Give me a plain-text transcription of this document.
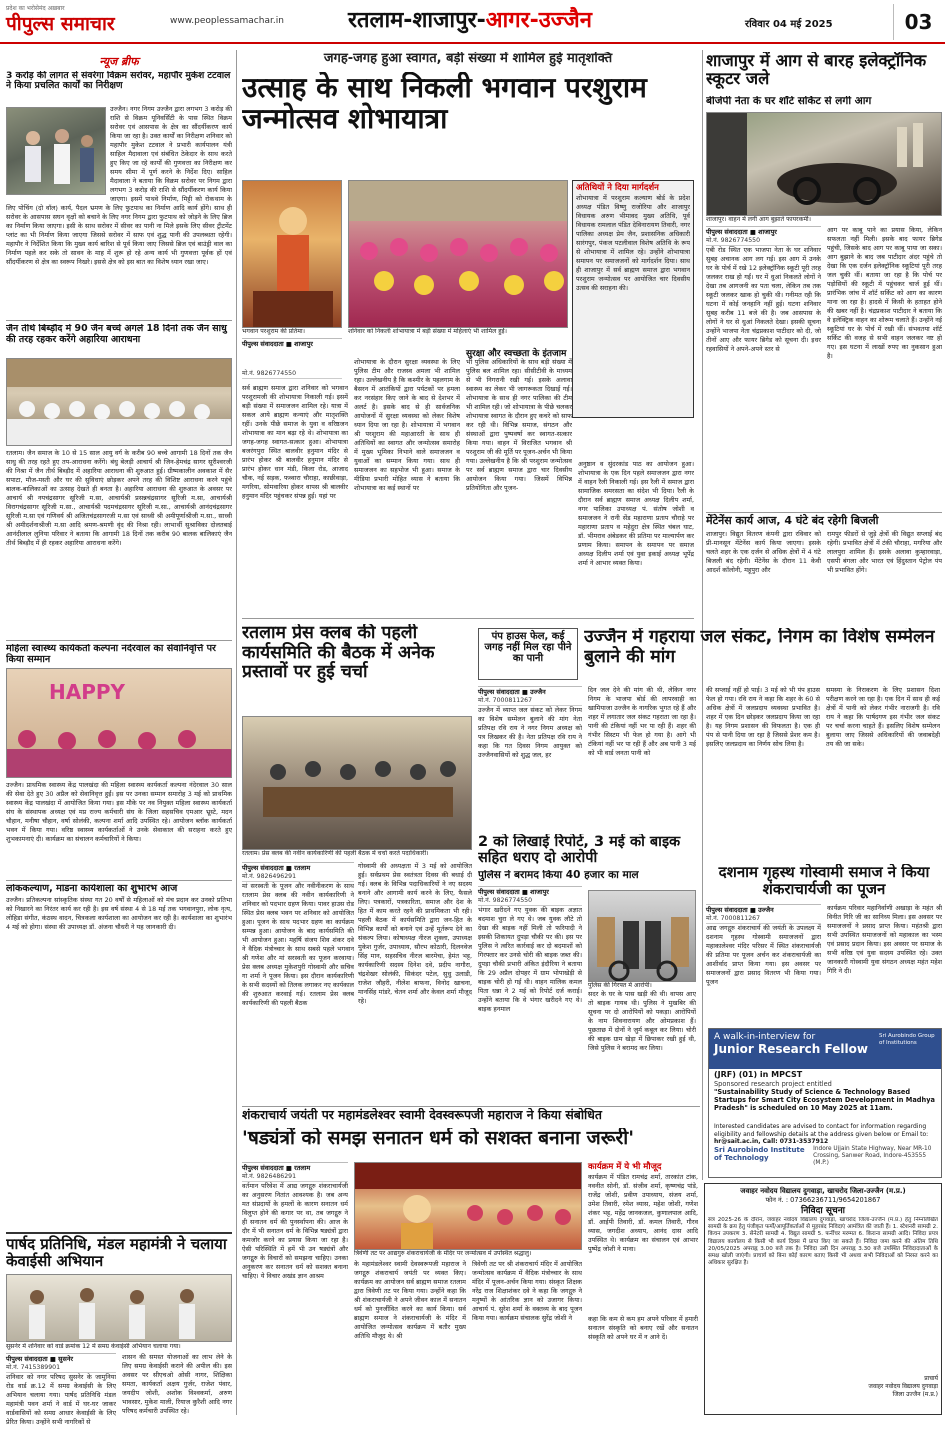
प्रदेश का भरोसेमंद अख़बार
पीपुल्स समाचार	www.peoplessamachar.in	रतलाम-शाजापुर-आगर-उज्जैन	रविवार 04 मई 2025	03
न्यूज ब्रीफ
3 करोड़ की लागत से संवरेगा विक्रम सरोवर, महापौर मुकेश टटवाल ने किया प्रचलित कार्यों का निरीक्षण
उज्जैन। नगर निगम उज्जैन द्वारा लगभग 3 करोड़ की राशि से विक्रम यूनिवर्सिटी के पास स्थित विक्रम सरोवर एवं आसपास के क्षेत्र का सौंदर्यीकरण कार्य किया जा रहा है। उक्त कार्यों का निरीक्षण शनिवार को महापौर मुकेश टटवाल ने प्रभारी कार्यपालन यंत्री साहिल मैदावाला एवं संबंधित ठेकेदार के साथ करते हुए किए जा रहे कार्यों की गुणवत्ता का निरीक्षण कर समय सीमा में पूर्ण करने के निर्देश दिए। साहिल मैदावाला ने बताया कि विक्रम सरोवर पर निगम द्वारा लगभग 3 करोड़ की राशि से सौंदर्यीकरण कार्य किया जाएगा। इसमें पाथवे निर्माण, मिट्टी को रोकथाम के लिए पोचिंग (दो वॉल) कार्य, पैदल भ्रमण के लिए फुटपाथ का निर्माण आदि कार्य होंगे। साथ ही सरोवर के आसपास सघन वृक्षों को बचाने के लिए नगर निगम द्वारा फुटपाथ को जोड़ने के लिए ब्रिज का निर्माण किया जाएगा। इसी के साथ सरोवर में सीवर का पानी ना मिले इसके लिए सीवर ट्रीटमेंट प्लांट का भी निर्माण किया जाएगा जिससे सरोवर में साफ एवं शुद्ध पानी की उपलब्धता रहेगी। महापौर ने निर्देशित किया कि मुख्य कार्य बारिश से पूर्व किया जाए जिससे ब्रिज एवं बाउंड्री वाल का निर्माण पहले कर सके तो सावन के माह में शुरू हो रहे अन्य कार्य भी गुणवत्ता पूर्वक हों एवं सौंदर्यीकरण से क्षेत्र का स्वरूप निखरे। इससे क्षेत्र को इस बात का विशेष ध्यान रखा जाए।
जैन तीर्थ बिब्ड़ौद में 90 जैन बच्चे अगले 18 दिनों तक जैन साधु की तरह रहकर करेंगे अहारिया आराधना
रतलाम। जैन समाज के 10 से 15 साल आयु वर्ग के करीब 90 बच्चे आगामी 18 दिनों तक जैन साधु की तरह रहते हुए तप-आराधना करेंगे। बंधु बेलड़ी आचार्य श्री जिन-हेमचंद्र सागर सूरीश्वरजी की निश्रा में जैन तीर्थ बिब्ड़ौद में अहारिया आराधना की शुरुआत हुई। ग्रीष्मकालीन अवकाश में सैर सपाटा, मौज-मस्ती और घर की सुविधाएं छोड़कर अपने तरह की विशिष्ट आराधना करने पहुंचे बालक-बालिकाओं का उत्साह देखते ही बनता है। अहारिया आराधना की शुरुआत के अवसर पर आचार्य श्री नयचंद्रसागर सूरिजी म.सा, आचार्यश्री प्रसन्नचंद्रसागर सूरिजी म.सा, आचार्यश्री विरागचंद्रसागर सूरिजी म.सा., आचार्यश्री पदमचंद्रसागर सूरिजी म.सा., आचार्यश्री आनंदचंद्रसागर सूरिजी म.सा एवं गणिवर्य श्री अजितचंद्रसागरजी म.सा एवं साध्वी श्री अमीपूर्णाश्रीजी म.सा., साध्वी श्री अमीदर्शनाश्रीजी म.सा आदि श्रमण-श्रमणी वृंद की निश्रा रही। लाभार्थी सुश्राविका दोलतबाई आनंदीलाल लुनिया परिवार ने बताया कि आगामी 18 दिनों तक करीब 90 बालक बालिकाएं जैन तीर्थ बिब्ड़ौद में ही रहकर अहारिया आराधना करेंगे।
महिला स्वास्थ्य कार्यकर्ता कल्पना नंदेरवाल का सेवानिवृत्ति पर किया सम्मान
HAPPY
उज्जैन। प्राथमिक स्वास्थ्य केंद्र पालखंदा की महिला स्वास्थ्य कार्यकर्ता कल्पना नंदेरवाल 30 साल की सेवा देते हुए 30 अप्रैल को सेवानिवृत्त हुईं। इस पर उनका सम्मान समारोह 3 मई को प्राथमिक स्वास्थ्य केंद्र पालखंदा में आयोजित किया गया। इस मौके पर नव नियुक्त महिला स्वास्थ्य कार्यकर्ता संघ के संस्थापक अध्यक्ष एवं मप्र राज्य कर्मचारी संघ के जिला सहसचिव एमआर भ्रूस्टे, मदन चौहान, मनीषा चौहान, वर्षा सोलंकी, कल्पना शर्मा आदि उपस्थित रहे। आयोजन ब्लॉक कार्यकर्ता भवन में किया गया। वरिष्ठ स्वास्थ्य कार्यकर्ताओं ने उनके सेवाकाल की सराहना करते हुए शुभकामनाएं दी। कार्यक्रम का संचालन कर्मचारियों ने किया।
लोककल्याण, मांडना कार्यशाला का शुभारंभ आज
उज्जैन। प्रतिकल्पना सांस्कृतिक संस्था गत 20 वर्षों से महिलाओं को मंच प्रदान कर उनको प्रतिभा को निखारने का निरंतर कार्य कर रही है। इस वर्ष संस्था 4 से 18 मई तक भगवानपुरा, लोक नृत्य, लोहिडा संगीत, कंठस्थ वादन, चित्रकला कार्यशाला का आयोजन कर रही है। कार्यशाला का शुभारंभ 4 मई को होगा। संस्था की उपाध्यक्ष डॉ. अंजना चौधरी ने यह जानकारी दी।
पार्षद प्रतिनिधि, मंडल महामंत्री ने चलाया केवाईसी अभियान
सुसनेर में शनिवार को वार्ड क्रमांक 12 में समग्र केवाईसी अभियान चलाया गया।
पीपुल्स संवाददाता ■ सुसनेर
मो.नं. 7415389901
शनिवार को नगर परिषद सुसनेर के जामुनिया रोड वार्ड क्र.12 में समग्र केवाईसी के लिए अभियान चलाया गया। पार्षद प्रतिनिधि मंडल महामंत्री पवन शर्मा ने वार्ड में घर-घर जाकर वार्डवासियों को समग्र आधार केवाईसी के लिए प्रेरित किया। उन्होंने सभी नागरिकों से
शासन की समस्त योजनाओं का लाभ लेने के लिए समग्र केवाईसी कराने की अपील की। इस अवसर पर सीएचओ ओसी नागर, शिक्षिका समता, कार्यकर्ता अक्षय गुर्जर, राजेश पंवार, जयदीप जोशी, अशोक विश्वकर्मा, अरुण भावसार, मुकेश माली, रियाज कुरैशी आदि नगर परिषद कर्मचारी उपस्थित रहे।
जगह-जगह हुआ स्वागत, बड़ी संख्या में शामिल हुई मातृशक्ति
उत्साह के साथ निकली भगवान परशुराम जन्मोत्सव शोभायात्रा
भगवान परशुराम की प्रतिमा।
पीपुल्स संवाददाता ■ शाजापुर
शनिवार को निकली शोभायात्रा में बड़ी संख्या में महिलाएं भी शामिल हुईं।
अतिथियों ने दिया मार्गदर्शन
शोभायात्रा में परशुराम कल्याण बोर्ड के प्रदेश अध्यक्ष पंडित विष्णु राजोरिया और शाजापुर विधायक अरुण भीमावद मुख्य अतिथि, पूर्व विधायक रामलाल पंडित देविनारायण तिवारी, नगर पालिका अध्यक्ष प्रेम जैन, प्रशासनिक अधिकारी सारंगपुर, पंकज पटलीवाल विशेष अतिथि के रूप से शोभायात्रा में शामिल रहे। उन्होंने शोभायात्रा समापन पर समाजजनों को मार्गदर्शन दिया। साथ ही शाजापुर में सर्व ब्राह्मण समाज द्वारा भगवान परशुराम जन्मोत्सव पर आयोजित चार दिवसीय उत्सव की सराहना की।
सुरक्षा और स्वच्छता के इंतजाम
मो.नं. 9826774550
सर्व ब्राह्मण समाज द्वारा शनिवार को भगवान परशुरामजी की शोभायात्रा निकाली गई। इसमें बड़ी संख्या में समाजजन शामिल रहे। यात्रा में सकल आये ब्राह्मण कन्याएं और मातृशक्ति रहीं। उनके पीछे समाज के युवा व वरिष्ठजन शोभायात्रा का मान बढ़ा रहे थे। शोभायात्रा का जगह-जगह स्वागत-सत्कार हुआ। शोभायात्रा बजरंगपुरा स्थित बालवीर हनुमान मंदिर से प्रारंभ होकर श्री बालवीर हनुमान मंदिर से प्रारंभ होकर धान मंडी, किला रोड, आजाद चौक, नई सड़क, फव्वारा चौराहा, काछीवाड़ा, मगरिया, सोमवारिया होकर वापस श्री बालवीर हनुमान मंदिर पहुंचकर संपन्न हुई। यहां पर
शोभायात्रा के दौरान सुरक्षा व्यवस्था के लिए पुलिस टीम और राजस्व अमला भी शामिल रहा। उल्लेखनीय है कि कश्मीर के पहलगाम के बैसरन में आतंकियों द्वारा पर्यटकों पर हमला कर नरसंहार किए जाने के बाद से देशभर में अलर्ट है। इसके बाद से ही सार्वजनिक आयोजनों में सुरक्षा व्यवस्था को लेकर विशेष ध्यान दिया जा रहा है। शोभायात्रा में भगवान श्री परशुराम की महाआरती के साथ ही अतिथियों का स्वागत और जन्मोत्सव समारोह में मुख्य भूमिका निभाने वाले समाजजन व युवाओं का सम्मान किया गया। साथ ही समाजजन का सहभोज भी हुआ। समाज के मीडिया प्रभारी मोहित व्यास ने बताया कि शोभायात्रा का कई स्थानों पर
भी पुलिस अधिकारियों के साथ बड़ी संख्या में पुलिस बल शामिल रहा। सीसीटीवी के माध्यम से भी निगरानी रखी गई। इसके अलावा स्वास्थ्य का लेकर भी जागरूकता दिखाई गई। शोभायात्रा के साथ ही नगर पालिका की टीम भी शामिल रही। जो शोभायात्रा के पीछे चलकर शोभायात्रा स्वागत के दौरान हुए कचरे को साफ कर रही थी। विभिन्न समाज, संगठन और संस्थाओं द्वारा पुष्पवर्षा कर स्वागत-सत्कार किया गया। वाहन में विराजित भगवान श्री परशुराम जी की मूर्ति पर पूजन-अर्चन भी किया गया। उल्लेखनीय है कि श्री परशुराम जन्मोत्सव पर सर्व ब्राह्मण समाज द्वारा चार दिवसीय आयोजन किया गया। जिसमें विभिन्न प्रतियोगिता और पूजन-
अनुष्ठान व सुंदरकांड पाठ का आयोजन हुआ। शोभायात्रा के एक दिन पहले समाजजन द्वारा नगर में वाहन रैली निकाली गई। इस रैली में समाज द्वारा सामाजिक समरसता का संदेश भी दिया। रैली के दौरान सर्व ब्राह्मण समाज अध्यक्ष दिलीप शर्मा, नगर पालिका उपाध्यक्ष पं. संतोष जोशी व समाजजन ने रानी सेंड महाराणा प्रताप चौराहे पर महाराणा प्रताप व महेदुरा क्षेत्र स्थित चंबल घाट, डॉ. भीमराव अंबेडकर की प्रतिमा पर माल्यार्पण कर प्रणाम किया। समापन के समापन पर समाज अध्यक्ष दिलीप शर्मा एवं युवा इकाई अध्यक्ष भूपेंद्र शर्मा ने आभार व्यक्त किया।
रतलाम प्रेस क्लब की पहली कार्यसमिति की बैठक में अनेक प्रस्तावों पर हुई चर्चा
रतलाम। प्रेस क्लब की नवीन कार्यकारिणी की पहली बैठक में चर्चा करते पदाधिकारी।
पीपुल्स संवाददाता ■ रतलाम
मो.नं. 9826496291
मां सरस्वती के पूजन और नवीनीकरण के साथ रतलाम प्रेस क्लब की नवीन कार्यकारिणी ने शनिवार को पदभार ग्रहण किया। पावर हाउस रोड स्थित प्रेस क्लब भवन पर शनिवार को आयोजित हुआ। पूजन के साथ पदभार ग्रहण का कार्यक्रम सम्पन्न हुआ। आयोजन के बाद कार्यसमिति की भी आयोजन हुआ। महर्षि संजय शिव शंकर दवे ने वैदिक मंत्रोच्चार के साथ सबसे पहले भगवान श्री गणेश और मां सरस्वती का पूजन करवाया। प्रेस क्लब अध्यक्ष मुकेशपुरी गोस्वामी और सचिव गा शर्मा ने पूजन किया। इस दौरान कार्यकारिणी के सभी सदस्यों को तिलक लगाकर नए कार्यकाल की शुरुआत करवाई गई। रतलाम प्रेस क्लब कार्यकारिणी की पहली बैठक
गोस्वामी की अध्यक्षता में 3 मई को आयोजित हुई। सर्वप्रथम प्रेस स्वतंत्रता दिवस की बधाई दी गई। क्लब के विभिन्न पदाधिकारियों ने नए सदस्य बनाने और आगामी कार्य करने के लिए, फैसले लिए। पत्रकारों, पत्रकारिता, समाज और देश के हित में काम करते रहने की प्राथमिकता भी रही। पहली बैठक में कार्यसमिति द्वारा जन-हित के विभिन्न कार्यों को बनाने एवं उन्हें मूर्तरूप देने का संकल्प लिया। कोषाध्यक्ष नीरज शुक्ला, उपाध्यक्ष मुकेश गुर्जर, उपाध्याय, सौरभ कोठारी, दिलनवेज सिंह मान, सहसचिव नीरज बारमेचा, हेमंत भट्ट, कार्यकारिणी सदस्य दिनेश दवे, प्रदीप नागौरा, चंद्रशेखर सोलंकी, सिकंदर पटेल, सुधु उलाडी, राजेश जौहरी, नीलेश बाफना, विनोद खाचना, मानसिंह मांडरे, चेतन शर्मा और केवल शर्मा मौजूद रहे।
पंप हाउस फेल, कई जगह नहीं मिल रहा पीने का पानी
उज्जैन में गहराया जल संकट, निगम का विशेष सम्मेलन बुलाने की मांग
पीपुल्स संवाददाता ■ उज्जैन
मो.नं. 7000811267
उज्जैन में व्याप्त जल संकट को लेकर निगम का विशेष सम्मेलन बुलाने की मांग नेता प्रतिपक्ष रवि राय ने नगर निगम अध्यक्ष को पत्र लिखकर की है। नेता प्रतिपक्ष रवि राय ने कहा कि गत दिवस निगम आयुक्त को उज्जैनवासियों को शुद्ध जल, हर
दिन जल देने की मांग की थी, लेकिन नगर निगम के भाजपा बोर्ड की लापरवाही का खामियाजा उज्जैन के नागरिक भुगत रहे हैं और शहर में लगातार जल संकट गहराता जा रहा है। पानी की टंकियां नहीं भर पा रही हैं। शहर की गंभीर सिस्टम भी फेल हो गया है। आगे भी टंकियां नहीं भर पा रही हैं और अब पानी 3 मई को भी वार्ड जनता पानी को
की सप्लाई नहीं हो पाई। 3 मई को भी पंप हाउस फेल हो गया। रवि राय ने कहा कि शहर के 60 से अधिक क्षेत्रों में जलप्रदाय व्यवस्था प्रभावित है। शहर में एक दिन छोड़कर जलप्रदाय किया जा रहा है। यह निगम प्रशासन की विफलता है। एक ही पंप से पानी दिया जा रहा है जिससे प्रेशर कम है। इसलिए जलप्रदाय का निर्णय सोच लिया है।
समस्या के निराकरण के लिए प्रशासन दिशा परीक्षण करने जा रहा है। एक दिन में साथ ही कई क्षेत्रों में पानी को लेकर गंभीर नाराजगी है। रवि राय ने कहा कि पार्षदगण इस गंभीर जल संकट पर चर्चा करना चाहते हैं। इसलिए विशेष सम्मेलन बुलाया जाए जिससे अधिकारियों की जवाबदेही तय की जा सके।
2 को लिखाई रिपोर्ट, 3 मई को बाइक सहित धराए दो आरोपी
पुलिस ने बरामद किया 40 हजार का माल
पीपुल्स संवाददाता ■ शाजापुर
मो.नं. 9826774550
भंगार खरीदने गए युवक की बाइक अज्ञात बदमाश चुरा ले गए थे। जब युवक लौटे तो देखा की बाइक नहीं मिली तो फरियादी ने इसकी शिकायत दुपड़ा चौकी पर की। इस पर पुलिस ने त्वरित कार्रवाई कर दो बदमाशों को गिरफ्तार कर उनसे चोरी की बाइक जब्त की। दुपड़ा चौकी प्रभारी अंकित इंदौरिया ने बताया कि 29 अप्रैल दोपहर में ग्राम भोपाखेड़ी से बाइक चोरी हो गई थी। वाहन मालिक कमल पिता धन्ना ने 2 मई को रिपोर्ट दर्ज कराई। उन्होंने बताया कि वे भंगार खरीदने गए थे। बाइक हनमाल
पुलिस की गिरफ्त में आरोपी।
सदर के घर के पास खड़ी की थी। वापस आए तो बाइक गायब थी। पुलिस ने मुखबिर की सूचना पर दो आरोपियों को पकड़ा। आरोपियों के नाम शिवनारायण और ओमप्रकाश हैं। पूछताछ में दोनों ने जुर्म कबूल कर लिया। चोरी की बाइक ग्राम खेड़ा में छिपाकर रखी हुई थी, जिसे पुलिस ने बरामद कर लिया।
शंकराचार्य जयंती पर महामंडलेश्वर स्वामी देवस्वरूपजी महाराज ने किया संबोधित
'षड्यंत्रों को समझ सनातन धर्म को सशक्त बनाना जरूरी'
पीपुल्स संवाददाता ■ रतलाम
मो.नं. 9826486291
वर्तमान परिवेश में आद्य जगद्गुरु शंकराचार्यजी का अनुसरण नितांत आवश्यक है। जब अन्य मत संप्रदायों के हमलों के कारण सनातन धर्म विलुप्त होने की कगार पर था, तब जगद्गुरु ने ही सनातन धर्म की पुनर्स्थापना की। आज के दौर में भी सनातन धर्म के विभिन्न षड्यंत्रों द्वारा कमजोर करने का प्रयास किया जा रहा है। ऐसी परिस्थिति में हमें भी उन षड्यंत्रों और जगद्गुरु के विचारों को समझना चाहिए। उनका अनुकरण कर सनातन धर्म को सशक्त बनाना चाहिए। ये विचार अखंड ज्ञान आश्रम
त्रिवेणी तट पर आद्यगुरु शंकराचार्यजी के मंदिर पर जन्मोत्सव में उपस्थित श्रद्धालु।
के महामंडलेश्वर स्वामी देवस्वरूपजी महाराज ने जगद्गुरु शंकराचार्य जयंती पर व्यक्त किए। कार्यक्रम का आयोजन सर्व ब्राह्मण समाज रतलाम द्वारा त्रिवेणी तट पर किया गया। उन्होंने कहा कि श्री शंकराचार्यजी ने अपने जीवन काल में सनातन धर्म को पुनर्जीवित करने का कार्य किया। सर्व ब्राह्मण समाज ने शंकराचार्यजी के मंदिर में आयोजित जन्मोत्सव कार्यक्रम में बतौर मुख्य अतिथि मौजूद थे। श्री
त्रिवेणी तट पर श्री शंकराचार्य मंदिर में आयोजित जन्मोत्सव कार्यक्रम में वैदिक मंत्रोच्चार के साथ मंदिर में पूजन-अर्चन किया गया। संस्कृत शिक्षक नरेंद्र राज शिक्षाशंकर दवे ने कहा कि जगद्गुरु ने मनुष्यों के आंतरिक ज्ञान को उजागर किया। आचार्य पं. सुरेश शर्मा के वक्तव्य के बाद पूजन किया गया। कार्यक्रम संचालक सुरेंद्र जोशी ने
कार्यक्रम में ये भी मौजूद
कार्यक्रम में पंडित रामचंद्र शर्मा, तारकांत टांक, नवनीत सोनी, डॉ. संजीव शर्मा, कृष्णचंद्र पांडे, राजेंद्र जोशी, प्रवीण उपाध्याय, संजय शर्मा, उमेश तिवारी, रमेश व्यास, महेश जोशी, गणेश शंकर भट्ट, महेंद्र जानकजल, कुणालपाल आदि, डॉ. आईपी तिवारी, डॉ. कमल तिवारी, गौरव व्यास, जगदीश अध्याप, आनंद दास आदि उपस्थित थे। कार्यक्रम का संचालन एवं आभार पुष्पेंद्र जोशी ने माना।
कहा कि कम से कम हम अपने परिवार में हमारी सनातन संस्कृति को बनाए रखें और सनातन संस्कृति को अपने घर में न आने दें।
शाजापुर में आग से बारह इलेक्ट्रॉनिक स्कूटर जले
बीजेपी नेता के घर शॉर्ट सर्किट से लगी आग
शाजापुर। वाहन में लगी आग बुझाते फायरकर्मी।
पीपुल्स संवाददाता ■ शाजापुर
मो.नं. 9826774550
एबी रोड स्थित एक भाजपा नेता के घर शनिवार सुबह अचानक आग लग गई। इस आग में उनके घर के पोर्च में रखे 12 इलेक्ट्रॉनिक स्कूटी पूरी तरह जलकर राख हो गईं। घर में धुआं निकलते लोगों ने देखा तब आगजनी का पता चला, लेकिन तब तक स्कूटी जलकर खाक हो चुकी थी। गनीमत रही कि घटना में कोई जनहानि नहीं हुई। घटना शनिवार सुबह करीब 11 बजे की है। जब आसपास के लोगों ने घर से धुआं निकलते देखा। इसकी सूचना उन्होंने भाजपा नेता चंद्रप्रकाश पाटीदार को दी, जो तीनों आए और फायर ब्रिगेड को सूचना दी। इधर रहवासियों ने अपने-अपने स्तर से
आग पर काबू पाने का प्रयास किया, लेकिन सफलता नहीं मिली। इसके बाद फायर ब्रिगेड पहुंची, जिसके बाद आग पर काबू पाया जा सका। आग बुझाने के बाद जब पाटीदार अंदर पहुंचे तो देखा कि एक दर्जन इलेक्ट्रॉनिक स्कूटियां पूरी तरह जल चुकी थीं। बताया जा रहा है कि पोर्च पर पड़ोसियों की स्कूटी में पहुंचकर चार्ज हुई थीं। प्रारंभिक जांच में शॉर्ट सर्किट को आग का कारण माना जा रहा है। हादसे में किसी के हताहत होने की खबर नहीं है। चंद्रप्रकाश पाटीदार ने बताया कि वे इलेक्ट्रिक वाहन का शोरूम चलाते हैं। उन्होंने नई स्कूटियां घर के पोर्च में रखी थीं। संभवतया शॉर्ट सर्किट की वजह से सभी वाहन जलकर नष्ट हो गए। इस घटना में लाखों रुपए का नुकसान हुआ है।
मेंटेनेंस कार्य आज, 4 घंटे बंद रहेगी बिजली
शाजापुर। विद्युत वितरण कंपनी द्वारा रविवार को प्री-मानसून मेंटेनेंस कार्य किया जाएगा। इसके चलते शहर के एक दर्जन से अधिक क्षेत्रों में 4 घंटे बिजली बंद रहेगी। मेंटेनेंस के दौरान 11 केवी आदर्श कॉलोनी, महूपुरा और
रामपुर फीडरों से जुड़े क्षेत्रों की विद्युत सप्लाई बंद रहेगी। प्रभावित क्षेत्रों में टंकी चौराहा, मगरिया और लालपुरा शामिल हैं। इसके अलावा कुम्हारवाड़ा, एसपी बंगला और भारत एवं हिंदुस्तान पेट्रोल पंप भी प्रभावित होंगे।
दशनाम गृहस्थ गोस्वामी समाज ने किया शंकराचार्यजी का पूजन
पीपुल्स संवाददाता ■ उज्जैन
मो.नं. 7000811267
आद्य जगद्गुरु शंकराचार्य की जयंती के उपलक्ष्य में दशनाम गृहस्थ गोस्वामी समाजजनों द्वारा महाकालेश्वर मंदिर परिसर में स्थित शंकराचार्यजी की प्रतिमा पर पूजन अर्चन कर शंकराचार्यजी का आशीर्वाद प्राप्त किया गया। इस अवसर पर समाजजनों द्वारा प्रसाद वितरण भी किया गया। पूजन
कार्यक्रम परिवार महानिर्वाणी अखाड़ा के महंत श्री विनीत गिरि जी का सानिध्य मिला। इस अवसर पर समाजजनों ने प्रसाद प्राप्त किया। महंतश्री द्वारा सभी उपस्थित समाजजनों को महाकाल का भस्म एवं प्रसाद प्रदान किया। इस अवसर पर समाज के सभी वरिष्ठ एवं युवा सदस्य उपस्थित रहे। उक्त जानकारी गोस्वामी युवा संगठन अध्यक्ष महंत महेश गिरि ने दी।
A walk-in-interview for
Junior Research Fellow
Sri Aurobindo Group of Institutions
(JRF) (01) in MPCST
Sponsored research project entitled
"Sustainability Study of Science & Technology Based Startups for Smart City Ecosystem Development in Madhya Pradesh" is scheduled on 10 May 2025 at 11am.
Interested candidates are advised to contact for information regarding eligibility and fellowship details at the address given below or Email to: hr@sait.ac.in, Call: 0731-3537912
Sri Aurobindo Institute of Technology
Indore Ujjain State Highway, Near MR-10 Crossing, Sanwer Road, Indore-453555 (M.P.)
जवाहर नवोदय विद्यालय दुगवाड़ा, खाचरोद जिला-उज्जैन (म.प्र.)
फोन नं. : 07366236711/9654201867
निविदा सूचना
सत्र 2025-26 के दौरान, जवाहर नवोदय विद्यालय दुगवाड़ा, खाचरोद जिला-उज्जैन (म.प्र.) हेतु निम्नलिखित सामग्री के क्रय हेतु पंजीकृत फर्मों/आपूर्तिकर्ताओं से मुहरबंद निविदाएं आमंत्रित की जाती हैं। 1. स्टेशनरी सामग्री 2. किचन उपकरण 3. सेनेटरी सामग्री 4. विद्युत सामग्री 5. फर्नीचर मरम्मत 6. किराना सामग्री आदि। निविदा प्रपत्र विद्यालय कार्यालय से किसी भी कार्य दिवस में प्राप्त किए जा सकते हैं। निविदा जमा करने की अंतिम तिथि 20/05/2025 अपराह्न 3.00 बजे तक है। निविदा उसी दिन अपराह्न 3.30 बजे उपस्थित निविदादाताओं के समक्ष खोली जाएंगी। प्राचार्य को बिना कोई कारण बताए किसी भी अथवा सभी निविदाओं को निरस्त करने का अधिकार सुरक्षित है।
प्राचार्य
जवाहर नवोदय विद्यालय दुगवाड़ा
जिला उज्जैन (म.प्र.)
